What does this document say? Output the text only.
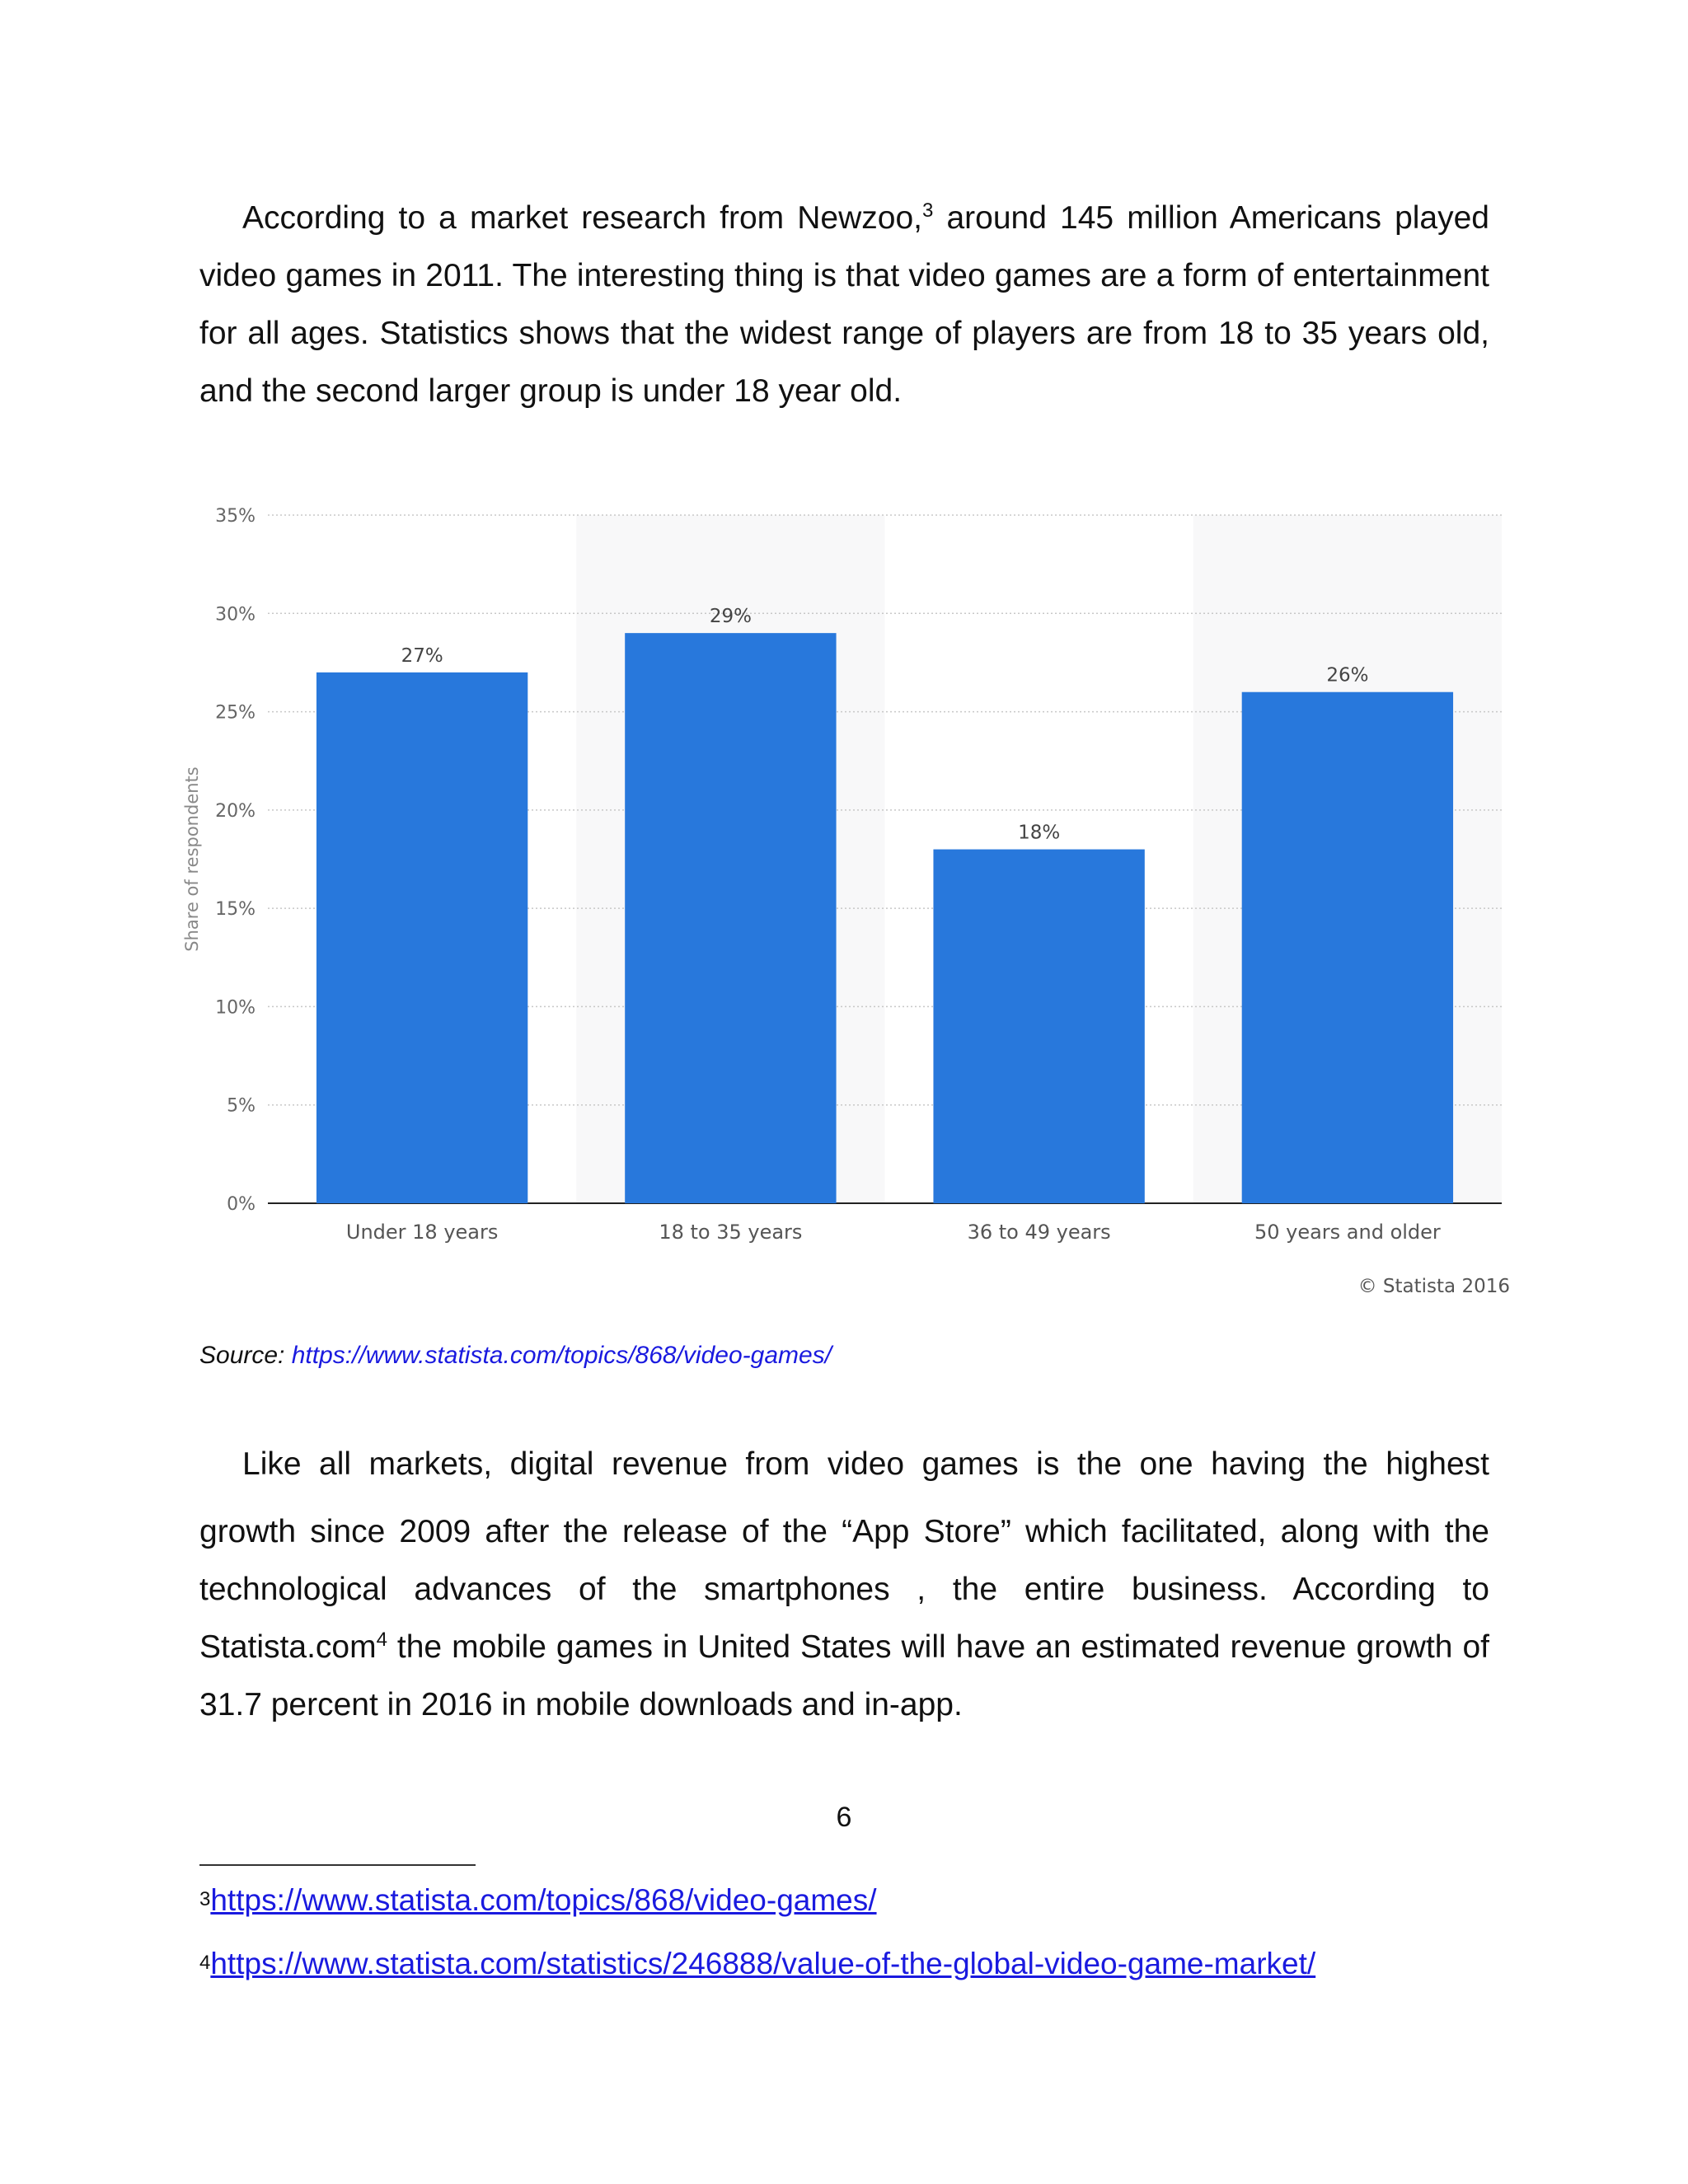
According to a market research from Newzoo,$^3$ around 145 million Americans played video games in 2011. The interesting thing is that video games are a form of entertainment for all ages. Statistics shows that the widest range of players are from 18 to 35 years old, and the second larger group is under 18 year old.

0%
5%
10%
15%
20%
25%
30%
35%
27%
Under 18 years
29%
18 to 35 years
18%
36 to 49 years
26%
50 years and older
Share of respondents
© Statista 2016

Source: https://www.statista.com/topics/868/video-games/

Like all markets, digital revenue from video games is the one having the highest
growth since 2009 after the release of the “App Store” which facilitated, along with the technological advances of the smartphones , the entire business. According to Statista.com$^4$ the mobile games in United States will have an estimated revenue growth of 31.7 percent in 2016 in mobile downloads and in-app.

6

$^3$https://www.statista.com/topics/868/video-games/

$^4$https://www.statista.com/statistics/246888/value-of-the-global-video-game-market/
